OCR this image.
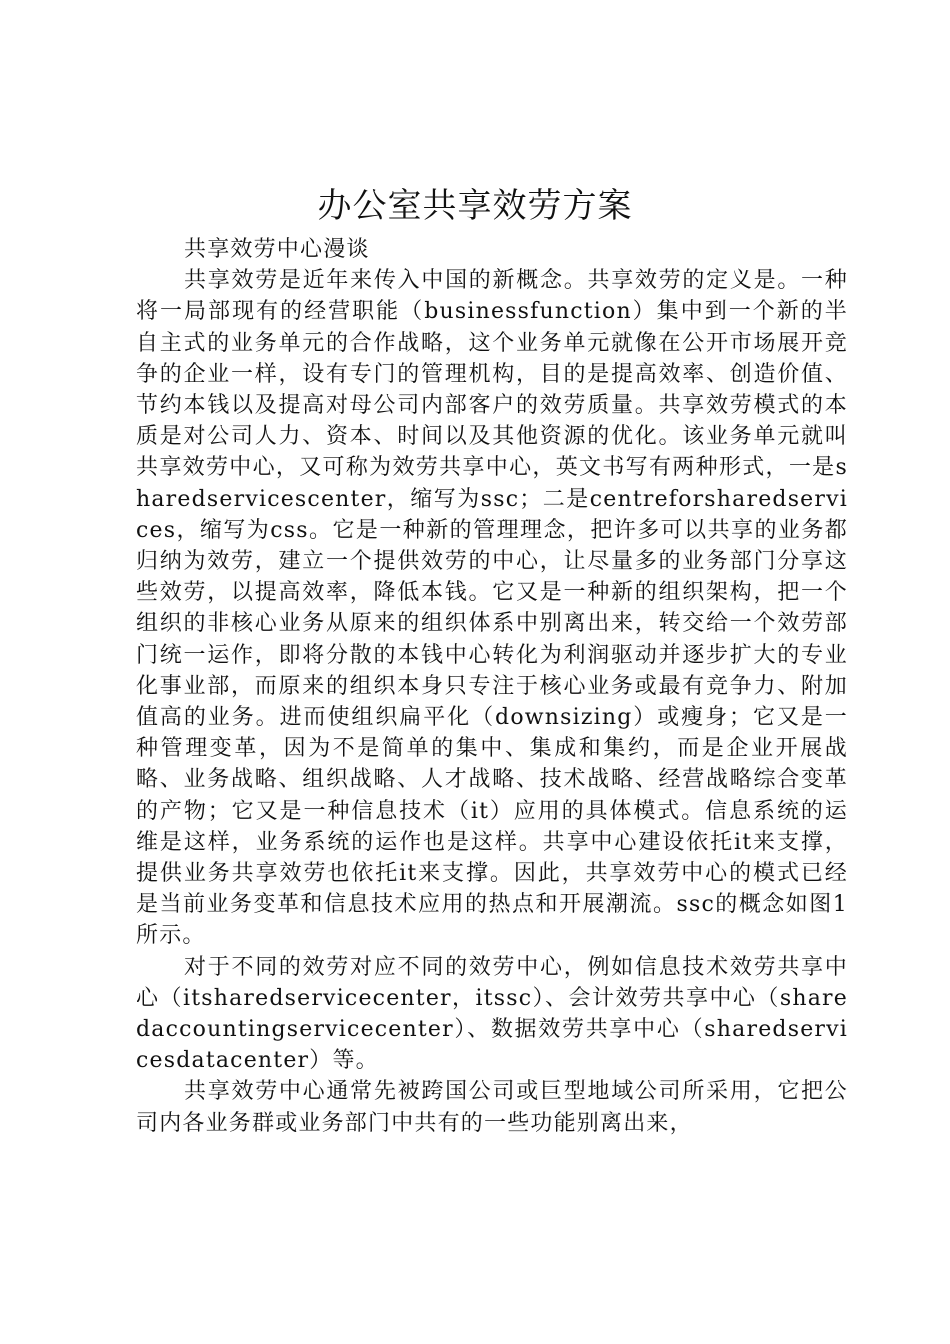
办公室共享效劳方案

共享效劳中心漫谈

共享效劳是近年来传入中国的新概念。共享效劳的定义是。一种将一局部现有的经营职能（businessfunction）集中到一个新的半自主式的业务单元的合作战略，这个业务单元就像在公开市场展开竞争的企业一样，设有专门的管理机构，目的是提高效率、创造价值、节约本钱以及提高对母公司内部客户的效劳质量。共享效劳模式的本质是对公司人力、资本、时间以及其他资源的优化。该业务单元就叫共享效劳中心，又可称为效劳共享中心，英文书写有两种形式，一是sharedservicescenter，缩写为ssc；二是centreforsharedservices，缩写为css。它是一种新的管理理念，把许多可以共享的业务都归纳为效劳，建立一个提供效劳的中心，让尽量多的业务部门分享这些效劳，以提高效率，降低本钱。它又是一种新的组织架构，把一个组织的非核心业务从原来的组织体系中别离出来，转交给一个效劳部门统一运作，即将分散的本钱中心转化为利润驱动并逐步扩大的专业化事业部，而原来的组织本身只专注于核心业务或最有竞争力、附加值高的业务。进而使组织扁平化（downsizing）或瘦身；它又是一种管理变革，因为不是简单的集中、集成和集约，而是企业开展战略、业务战略、组织战略、人才战略、技术战略、经营战略综合变革的产物；它又是一种信息技术（it）应用的具体模式。信息系统的运维是这样，业务系统的运作也是这样。共享中心建设依托it来支撑，提供业务共享效劳也依托it来支撑。因此，共享效劳中心的模式已经是当前业务变革和信息技术应用的热点和开展潮流。ssc的概念如图1所示。

对于不同的效劳对应不同的效劳中心，例如信息技术效劳共享中心（itsharedservicecenter，itssc）、会计效劳共享中心（sharedaccountingservicecenter）、数据效劳共享中心（sharedservicesdatacenter）等。

共享效劳中心通常先被跨国公司或巨型地域公司所采用，它把公司内各业务群或业务部门中共有的一些功能别离出来，
